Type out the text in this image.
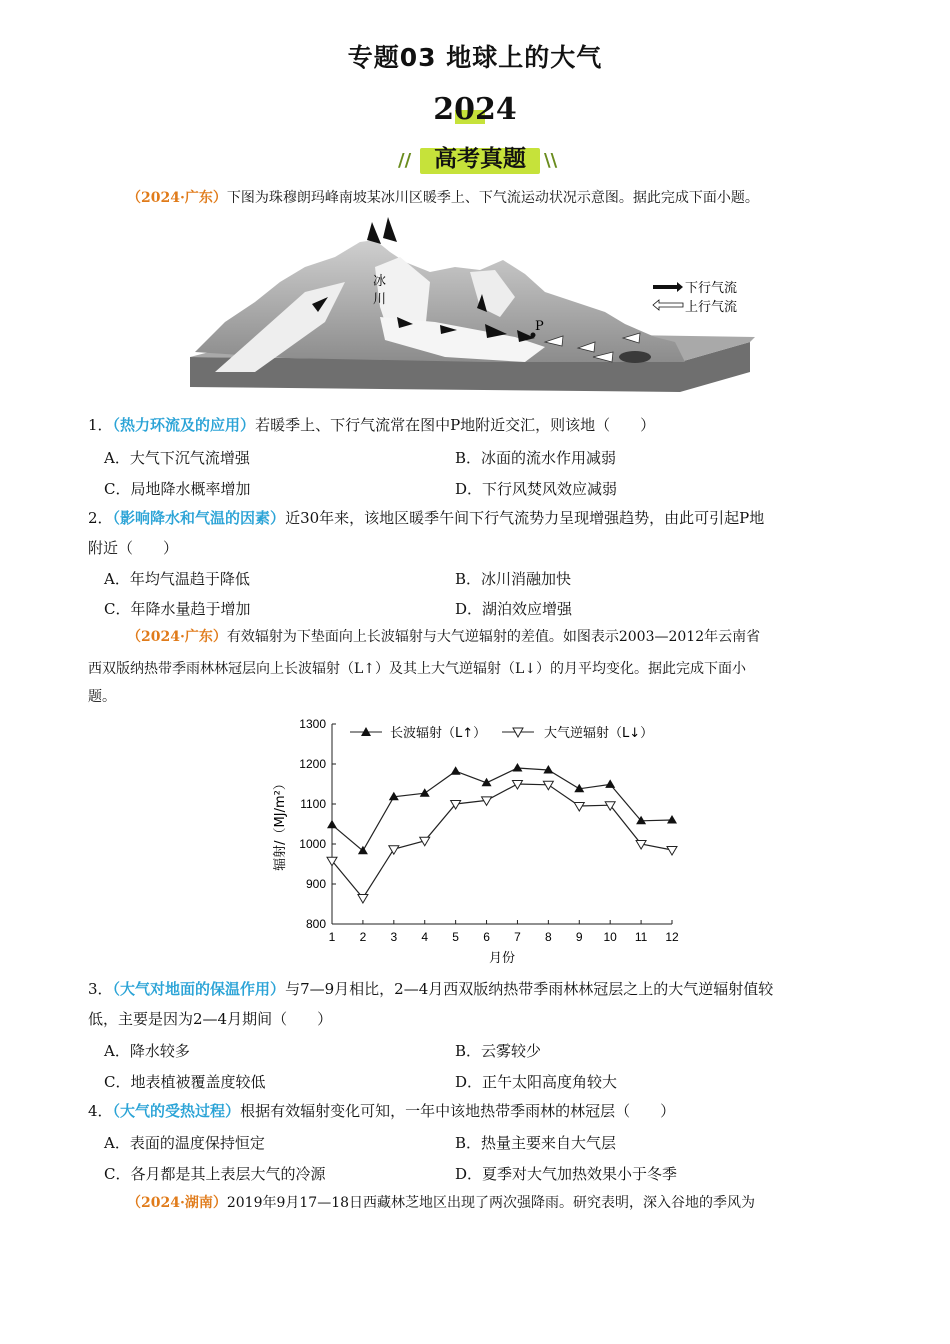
专题03 地球上的大气
2024
// 高考真题	\\
（2024·广东）下图为珠穆朗玛峰南坡某冰川区暖季上、下气流运动状况示意图。据此完成下面小题。
冰
川
P
下行气流
上行气流
1．（热力环流及的应用）若暖季上、下行气流常在图中P地附近交汇，则该地（　　）
A．大气下沉气流增强	B．冰面的流水作用减弱
C．局地降水概率增加	D．下行风焚风效应减弱
2．（影响降水和气温的因素）近30年来，该地区暖季午间下行气流势力呈现增强趋势，由此可引起P地
附近（　　）
A．年均气温趋于降低	B．冰川消融加快
C．年降水量趋于增加	D．湖泊效应增强
（2024·广东）有效辐射为下垫面向上长波辐射与大气逆辐射的差值。如图表示2003—2012年云南省
西双版纳热带季雨林林冠层向上长波辐射（L↑）及其上大气逆辐射（L↓）的月平均变化。据此完成下面小
题。
800
900
1000
1100
1200
1300
1 2 3 4 5 6 7 8 9 10 11 12
月份
辐射/（MJ/m²）
长波辐射（L↑）	大气逆辐射（L↓）
3．（大气对地面的保温作用）与7—9月相比，2—4月西双版纳热带季雨林林冠层之上的大气逆辐射值较
低，主要是因为2—4月期间（　　）
A．降水较多	B．云雾较少
C．地表植被覆盖度较低	D．正午太阳高度角较大
4．（大气的受热过程）根据有效辐射变化可知，一年中该地热带季雨林的林冠层（　　）
A．表面的温度保持恒定	B．热量主要来自大气层
C．各月都是其上表层大气的冷源	D．夏季对大气加热效果小于冬季
（2024·湖南）2019年9月17—18日西藏林芝地区出现了两次强降雨。研究表明，深入谷地的季风为
